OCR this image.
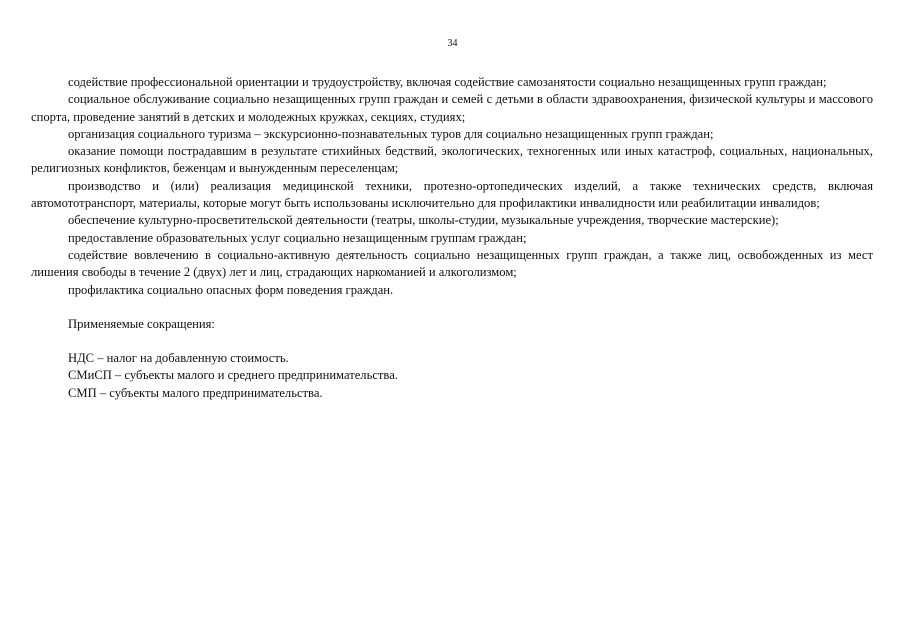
34

содействие профессиональной ориентации и трудоустройству, включая содействие самозанятости социально незащищенных групп граждан;

социальное обслуживание социально незащищенных групп граждан и семей с детьми в области здравоохранения, физической культуры и массового спорта, проведение занятий в детских и молодежных кружках, секциях, студиях;

организация социального туризма – экскурсионно-познавательных туров для социально незащищенных групп граждан;

оказание помощи пострадавшим в результате стихийных бедствий, экологических, техногенных или иных катастроф, социальных, национальных, религиозных конфликтов, беженцам и вынужденным переселенцам;

производство и (или) реализация медицинской техники, протезно-ортопедических изделий, а также технических средств, включая автомототранспорт, материалы, которые могут быть использованы исключительно для профилактики инвалидности или реабилитации инвалидов;

обеспечение культурно-просветительской деятельности (театры, школы-студии, музыкальные учреждения, творческие мастерские);

предоставление образовательных услуг социально незащищенным группам граждан;

содействие вовлечению в социально-активную деятельность социально незащищенных групп граждан, а также лиц, освобожденных из мест лишения свободы в течение 2 (двух) лет и лиц, страдающих наркоманией и алкоголизмом;

профилактика социально опасных форм поведения граждан.

Применяемые сокращения:

НДС – налог на добавленную стоимость.

СМиСП – субъекты малого и среднего предпринимательства.

СМП – субъекты малого предпринимательства.
